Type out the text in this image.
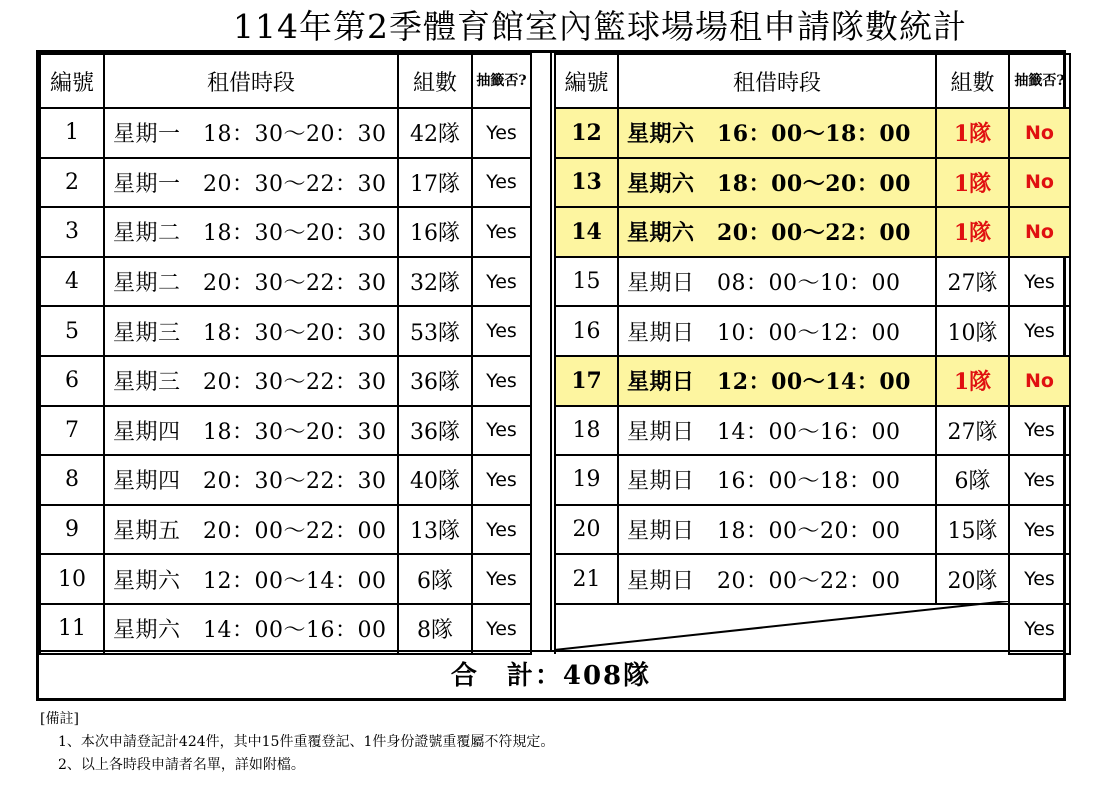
114年第2季體育館室內籃球場場租申請隊數統計
編號	租借時段	組數	抽籤否?
1	星期一　18：30～20：30	42隊	Yes
2	星期一　20：30～22：30	17隊	Yes
3	星期二　18：30～20：30	16隊	Yes
4	星期二　20：30～22：30	32隊	Yes
5	星期三　18：30～20：30	53隊	Yes
6	星期三　20：30～22：30	36隊	Yes
7	星期四　18：30～20：30	36隊	Yes
8	星期四　20：30～22：30	40隊	Yes
9	星期五　20：00～22：00	13隊	Yes
10	星期六　12：00～14：00	6隊	Yes
11	星期六　14：00～16：00	8隊	Yes
編號	租借時段	組數	抽籤否?
12	星期六　16：00～18：00	1隊	No
13	星期六　18：00～20：00	1隊	No
14	星期六　20：00～22：00	1隊	No
15	星期日　08：00～10：00	27隊	Yes
16	星期日　10：00～12：00	10隊	Yes
17	星期日　12：00～14：00	1隊	No
18	星期日　14：00～16：00	27隊	Yes
19	星期日　16：00～18：00	6隊	Yes
20	星期日　18：00～20：00	15隊	Yes
21	星期日　20：00～22：00	20隊	Yes
			Yes
合　計：408隊
[備註]
1、本次申請登記計424件，其中15件重覆登記、1件身份證號重覆屬不符規定。
2、以上各時段申請者名單，詳如附檔。
